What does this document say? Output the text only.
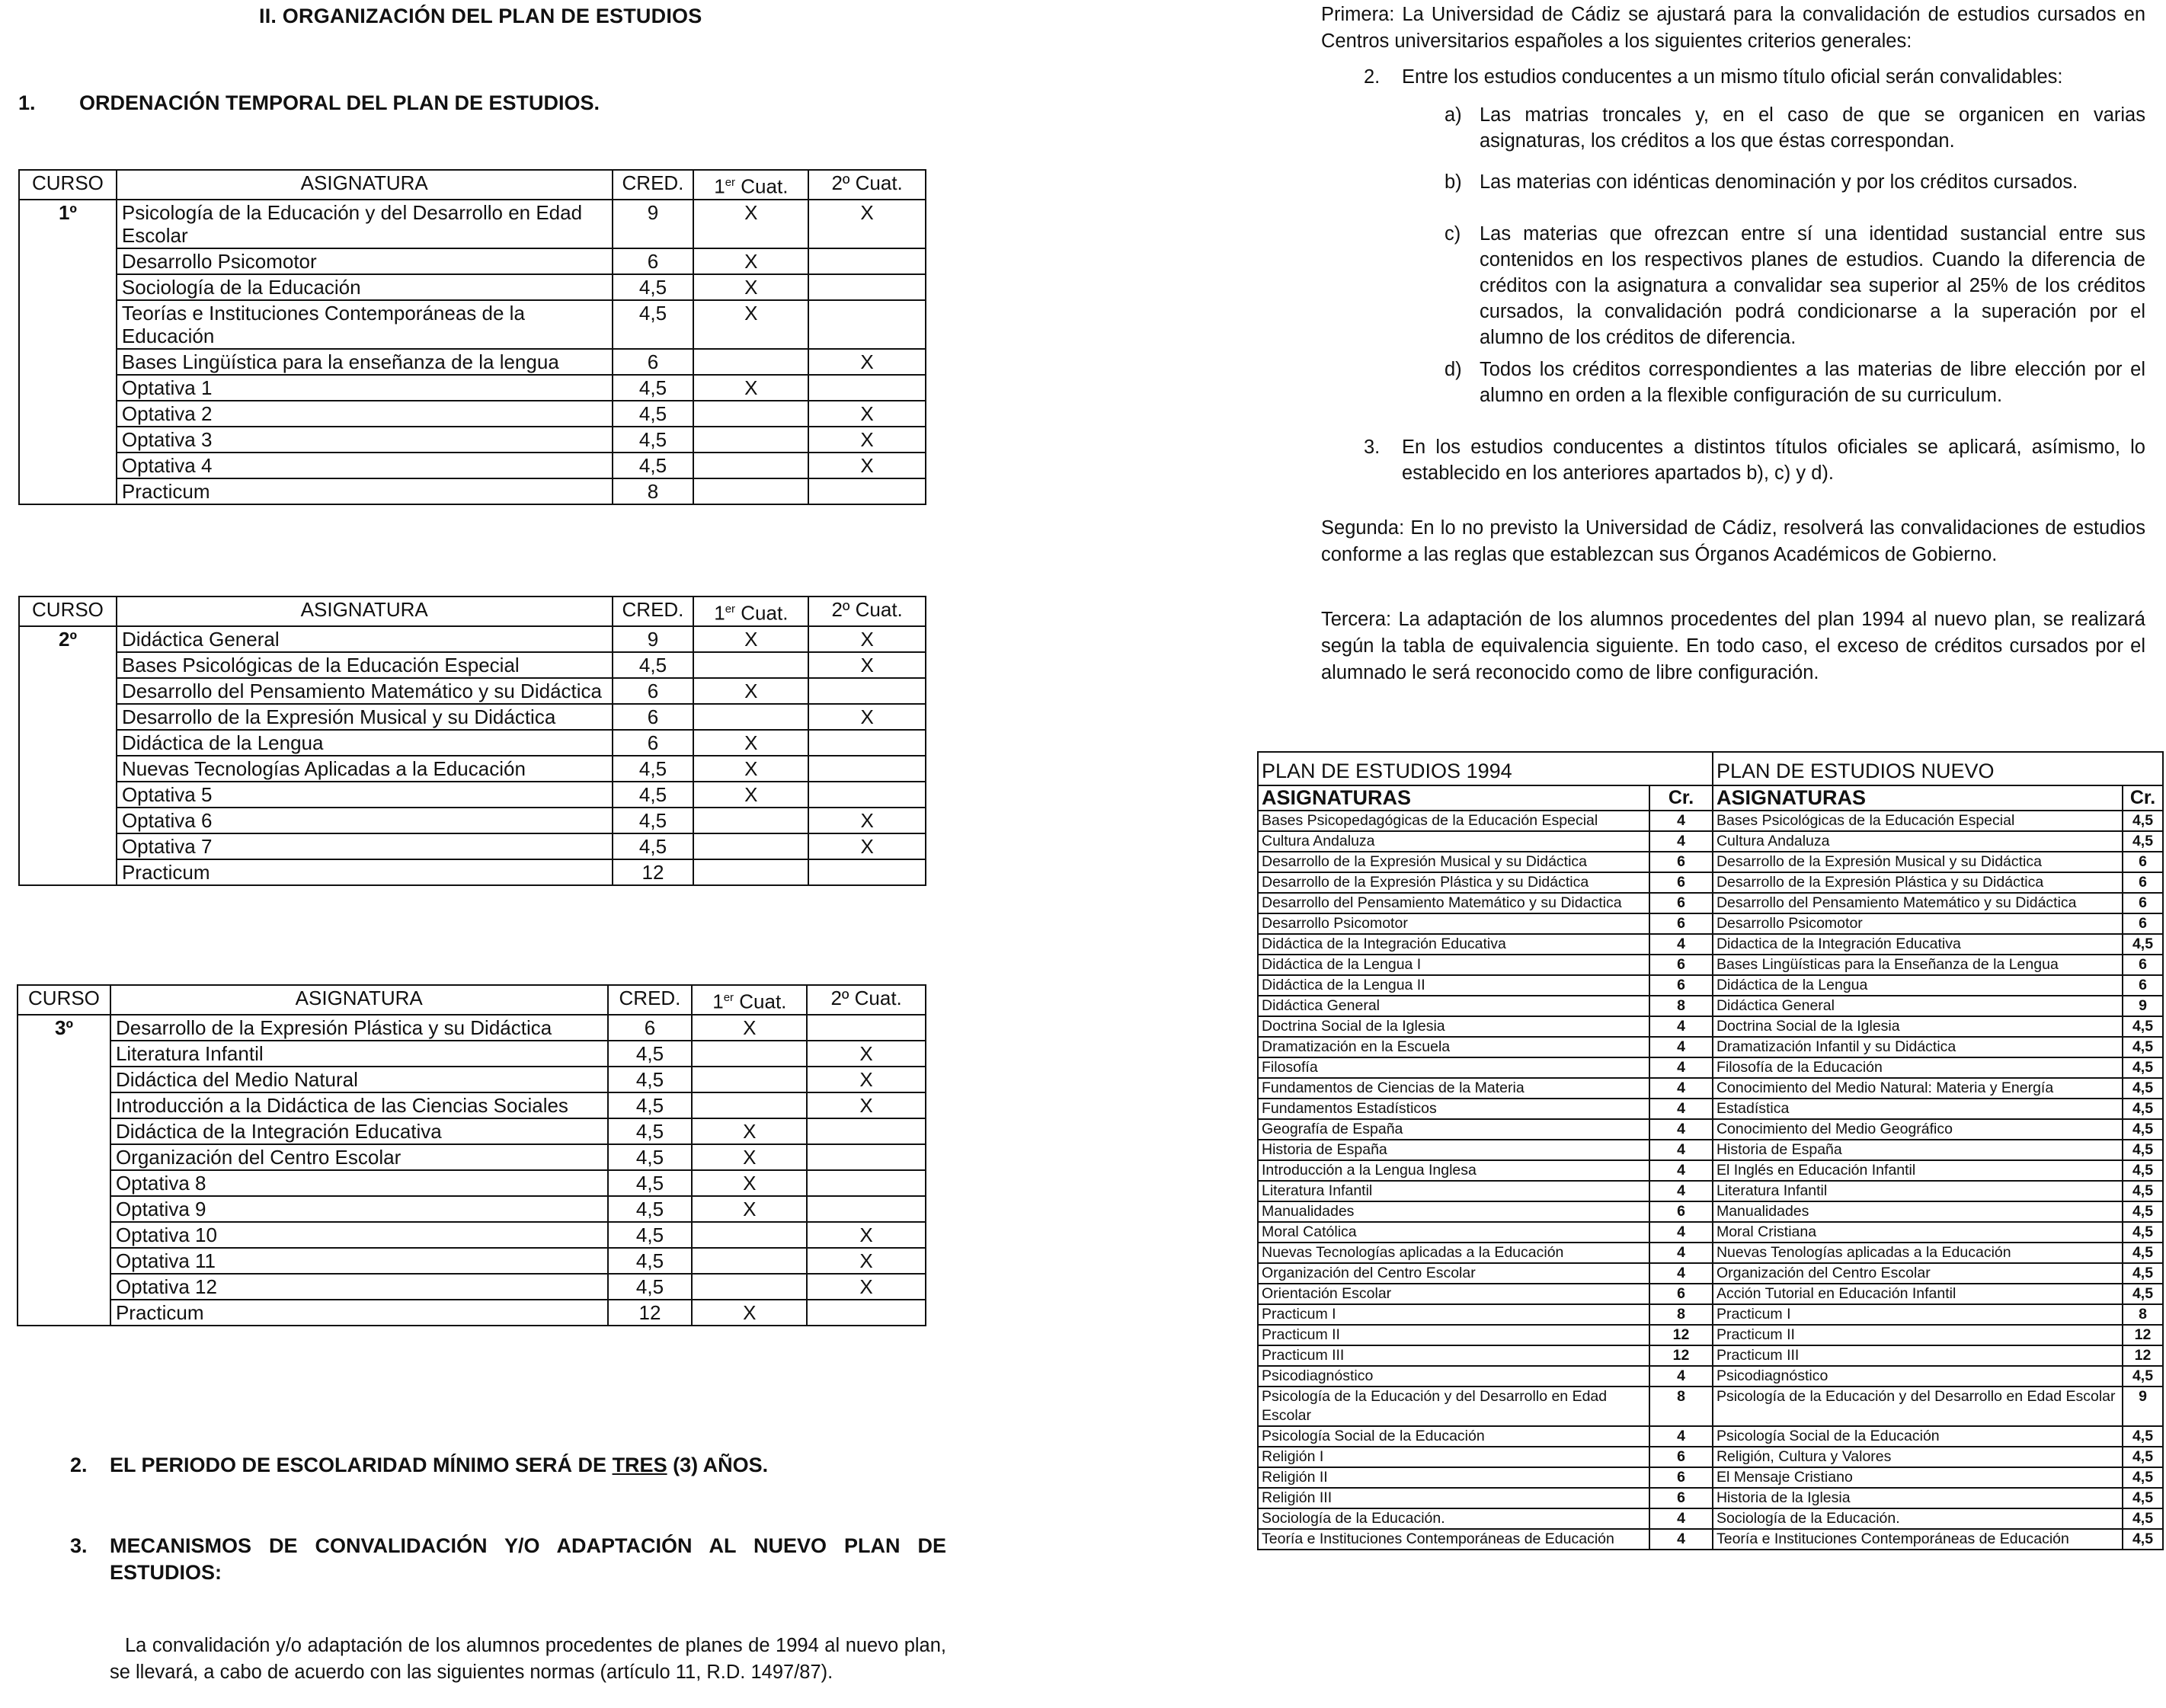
II. ORGANIZACIÓN DEL PLAN DE ESTUDIOS
1. ORDENACIÓN TEMPORAL DEL PLAN DE ESTUDIOS.
CURSO	ASIGNATURA	CRED.	1er Cuat.	2º Cuat.
1º	Psicología de la Educación y del Desarrollo en Edad Escolar	9	X	X
	Desarrollo Psicomotor	6	X	
	Sociología de la Educación	4,5	X	
	Teorías e Instituciones Contemporáneas de la Educación	4,5	X	
	Bases Lingüística para la enseñanza de la lengua	6		X
	Optativa 1	4,5	X	
	Optativa 2	4,5		X
	Optativa 3	4,5		X
	Optativa 4	4,5		X
	Practicum	8		
CURSO	ASIGNATURA	CRED.	1er Cuat.	2º Cuat.
2º	Didáctica General	9	X	X
	Bases Psicológicas de la Educación Especial	4,5		X
	Desarrollo del Pensamiento Matemático y su Didáctica	6	X	
	Desarrollo de la Expresión Musical y su Didáctica	6		X
	Didáctica de la Lengua	6	X	
	Nuevas Tecnologías Aplicadas a la Educación	4,5	X	
	Optativa 5	4,5	X	
	Optativa 6	4,5		X
	Optativa 7	4,5		X
	Practicum	12		
CURSO	ASIGNATURA	CRED.	1er Cuat.	2º Cuat.
3º	Desarrollo de la Expresión Plástica y su Didáctica	6	X	
	Literatura Infantil	4,5		X
	Didáctica del Medio Natural	4,5		X
	Introducción a la Didáctica de las Ciencias Sociales	4,5		X
	Didáctica de la Integración Educativa	4,5	X	
	Organización del Centro Escolar	4,5	X	
	Optativa 8	4,5	X	
	Optativa 9	4,5	X	
	Optativa 10	4,5		X
	Optativa 11	4,5		X
	Optativa 12	4,5		X
	Practicum	12	X	
2. EL PERIODO DE ESCOLARIDAD MÍNIMO SERÁ DE TRES (3) AÑOS.
3. MECANISMOS DE CONVALIDACIÓN Y/O ADAPTACIÓN AL NUEVO PLAN DE ESTUDIOS:
La convalidación y/o adaptación de los alumnos procedentes de planes de 1994 al nuevo plan, se llevará, a cabo de acuerdo con las siguientes normas (artículo 11, R.D. 1497/87).
Primera: La Universidad de Cádiz se ajustará para la convalidación de estudios cursados en Centros universitarios españoles a los siguientes criterios generales:
2. Entre los estudios conducentes a un mismo título oficial serán convalidables:
a) Las matrias troncales y, en el caso de que se organicen en varias asignaturas, los créditos a los que éstas correspondan.
b) Las materias con idénticas denominación y por los créditos cursados.
c) Las materias que ofrezcan entre sí una identidad sustancial entre sus contenidos en los respectivos planes de estudios. Cuando la diferencia de créditos con la asignatura a convalidar sea superior al 25% de los créditos cursados, la convalidación podrá condicionarse a la superación por el alumno de los créditos de diferencia.
d) Todos los créditos correspondientes a las materias de libre elección por el alumno en orden a la flexible configuración de su curriculum.
3. En los estudios conducentes a distintos títulos oficiales se aplicará, asímismo, lo establecido en los anteriores apartados b), c) y d).
Segunda: En lo no previsto la Universidad de Cádiz, resolverá las convalidaciones de estudios conforme a las reglas que establezcan sus Órganos Académicos de Gobierno.
Tercera: La adaptación de los alumnos procedentes del plan 1994 al nuevo plan, se realizará según la tabla de equivalencia siguiente. En todo caso, el exceso de créditos cursados por el alumnado le será reconocido como de libre configuración.
PLAN DE ESTUDIOS 1994		PLAN DE ESTUDIOS NUEVO	
ASIGNATURAS	Cr.	ASIGNATURAS	Cr.
Bases Psicopedagógicas de la Educación Especial	4	Bases Psicológicas de la Educación Especial	4,5
Cultura Andaluza	4	Cultura Andaluza	4,5
Desarrollo de la Expresión Musical y su Didáctica	6	Desarrollo de la Expresión Musical y su Didáctica	6
Desarrollo de la Expresión Plástica y su Didáctica	6	Desarrollo de la Expresión Plástica y su Didáctica	6
Desarrollo del Pensamiento Matemático y su Didactica	6	Desarrollo del Pensamiento Matemático y su Didáctica	6
Desarrollo Psicomotor	6	Desarrollo Psicomotor	6
Didáctica de la Integración Educativa	4	Didactica de la Integración Educativa	4,5
Didáctica de la Lengua I	6	Bases Lingüísticas para la Enseñanza de la Lengua	6
Didáctica de la Lengua II	6	Didáctica de la Lengua	6
Didáctica General	8	Didáctica General	9
Doctrina Social de la Iglesia	4	Doctrina Social de la Iglesia	4,5
Dramatización en la Escuela	4	Dramatización Infantil y su Didáctica	4,5
Filosofía	4	Filosofía de la Educación	4,5
Fundamentos de Ciencias de la Materia	4	Conocimiento del Medio Natural: Materia y Energía	4,5
Fundamentos Estadísticos	4	Estadística	4,5
Geografía de España	4	Conocimiento del Medio Geográfico	4,5
Historia de España	4	Historia de España	4,5
Introducción a la Lengua Inglesa	4	El Inglés en Educación Infantil	4,5
Literatura Infantil	4	Literatura Infantil	4,5
Manualidades	6	Manualidades	4,5
Moral Católica	4	Moral Cristiana	4,5
Nuevas Tecnologías aplicadas a la Educación	4	Nuevas Tenologías aplicadas a la Educación	4,5
Organización del Centro Escolar	4	Organización del Centro Escolar	4,5
Orientación Escolar	6	Acción Tutorial en Educación Infantil	4,5
Practicum I	8	Practicum I	8
Practicum II	12	Practicum II	12
Practicum III	12	Practicum III	12
Psicodiagnóstico	4	Psicodiagnóstico	4,5
Psicología de la Educación y del Desarrollo en Edad Escolar	8	Psicología de la Educación y del Desarrollo en Edad Escolar	9
Psicología Social de la Educación	4	Psicología Social de la Educación	4,5
Religión I	6	Religión, Cultura y Valores	4,5
Religión II	6	El Mensaje Cristiano	4,5
Religión III	6	Historia de la Iglesia	4,5
Sociología de la Educación.	4	Sociología de la Educación.	4,5
Teoría e Instituciones Contemporáneas de Educación	4	Teoría e Instituciones Contemporáneas de Educación	4,5
